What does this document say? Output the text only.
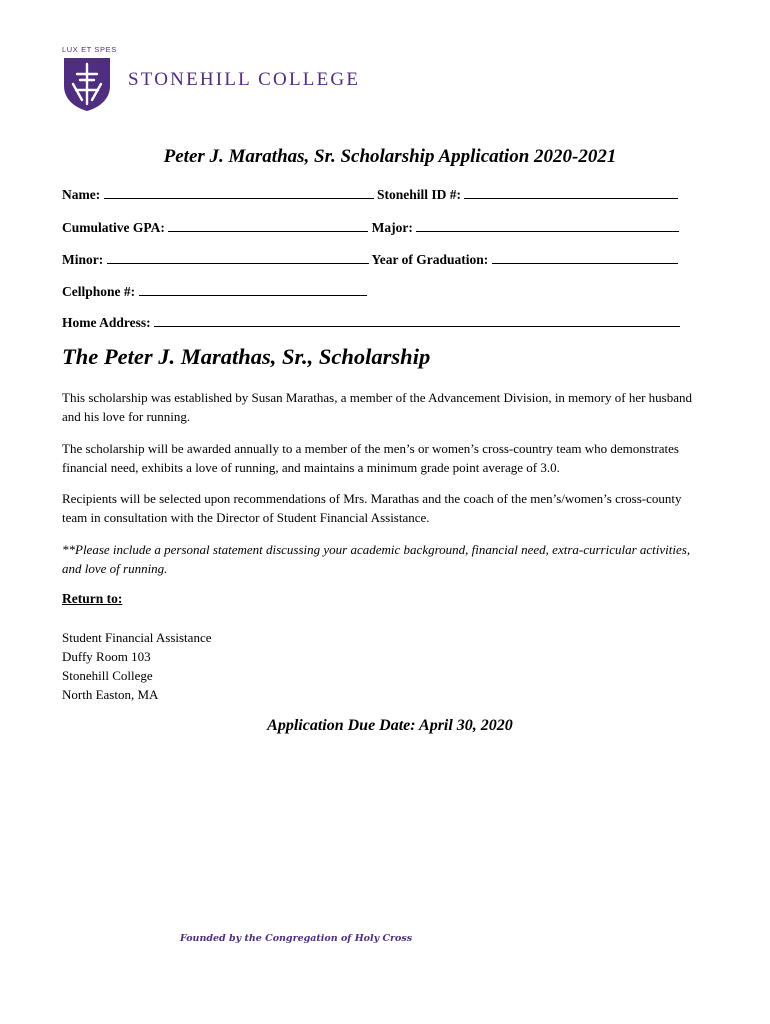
LUX ET SPES
STONEHILL COLLEGE
Peter J. Marathas, Sr. Scholarship Application 2020-2021
Name:	Stonehill ID #:
Cumulative GPA:	Major:
Minor:	Year of Graduation:
Cellphone #:
Home Address:
The Peter J. Marathas, Sr., Scholarship
This scholarship was established by Susan Marathas, a member of the Advancement Division, in memory of her husband and his love for running.
The scholarship will be awarded annually to a member of the men’s or women’s cross-country team who demonstrates financial need, exhibits a love of running, and maintains a minimum grade point average of 3.0.
Recipients will be selected upon recommendations of Mrs. Marathas and the coach of the men’s/women’s cross-county team in consultation with the Director of Student Financial Assistance.
**Please include a personal statement discussing your academic background, financial need, extra-curricular activities, and love of running.
Return to:
Student Financial Assistance
Duffy Room 103
Stonehill College
North Easton, MA
Application Due Date: April 30, 2020
Founded by the Congregation of Holy Cross
